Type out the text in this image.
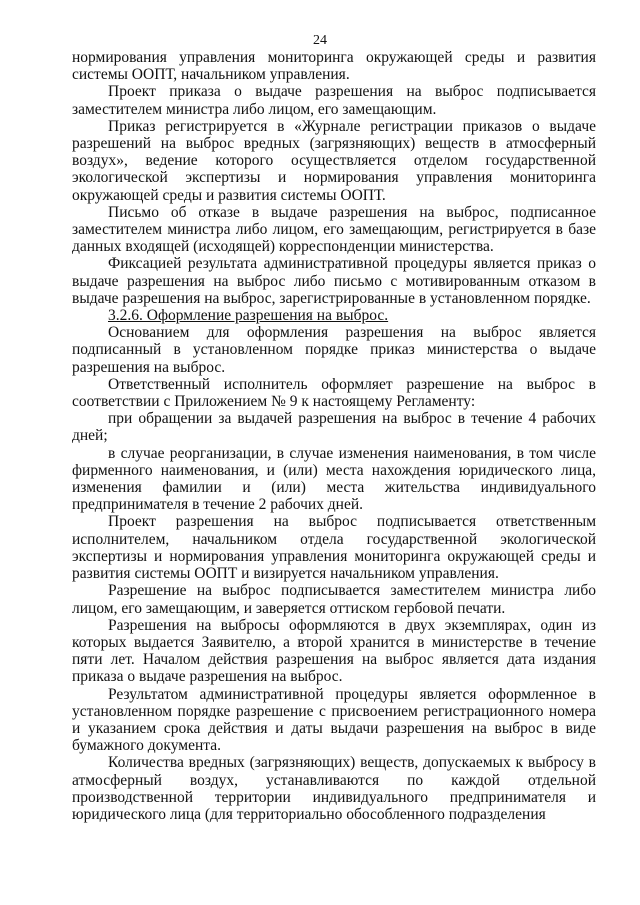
24

нормирования управления мониторинга окружающей среды и развития системы ООПТ, начальником управления.

Проект приказа о выдаче разрешения на выброс подписывается заместителем министра либо лицом, его замещающим.

Приказ регистрируется в «Журнале регистрации приказов о выдаче разрешений на выброс вредных (загрязняющих) веществ в атмосферный воздух», ведение которого осуществляется отделом государственной экологической экспертизы и нормирования управления мониторинга окружающей среды и развития системы ООПТ.

Письмо об отказе в выдаче разрешения на выброс, подписанное заместителем министра либо лицом, его замещающим, регистрируется в базе данных входящей (исходящей) корреспонденции министерства.

Фиксацией результата административной процедуры является приказ о выдаче разрешения на выброс либо письмо с мотивированным отказом в выдаче разрешения на выброс, зарегистрированные в установленном порядке.

3.2.6. Оформление разрешения на выброс.

Основанием для оформления разрешения на выброс является подписанный в установленном порядке приказ министерства о выдаче разрешения на выброс.

Ответственный исполнитель оформляет разрешение на выброс в соответствии с Приложением № 9 к настоящему Регламенту:

при обращении за выдачей разрешения на выброс в течение 4 рабочих дней;

в случае реорганизации, в случае изменения наименования, в том числе фирменного наименования, и (или) места нахождения юридического лица, изменения фамилии и (или) места жительства индивидуального предпринимателя в течение 2 рабочих дней.

Проект разрешения на выброс подписывается ответственным исполнителем, начальником отдела государственной экологической экспертизы и нормирования управления мониторинга окружающей среды и развития системы ООПТ и визируется начальником управления.

Разрешение на выброс подписывается заместителем министра либо лицом, его замещающим, и заверяется оттиском гербовой печати.

Разрешения на выбросы оформляются в двух экземплярах, один из которых выдается Заявителю, а второй хранится в министерстве в течение пяти лет. Началом действия разрешения на выброс является дата издания приказа о выдаче разрешения на выброс.

Результатом административной процедуры является оформленное в установленном порядке разрешение с присвоением регистрационного номера и указанием срока действия и даты выдачи разрешения на выброс в виде бумажного документа.

Количества вредных (загрязняющих) веществ, допускаемых к выбросу в атмосферный воздух, устанавливаются по каждой отдельной производственной территории индивидуального предпринимателя и юридического лица (для территориально обособленного подразделения
